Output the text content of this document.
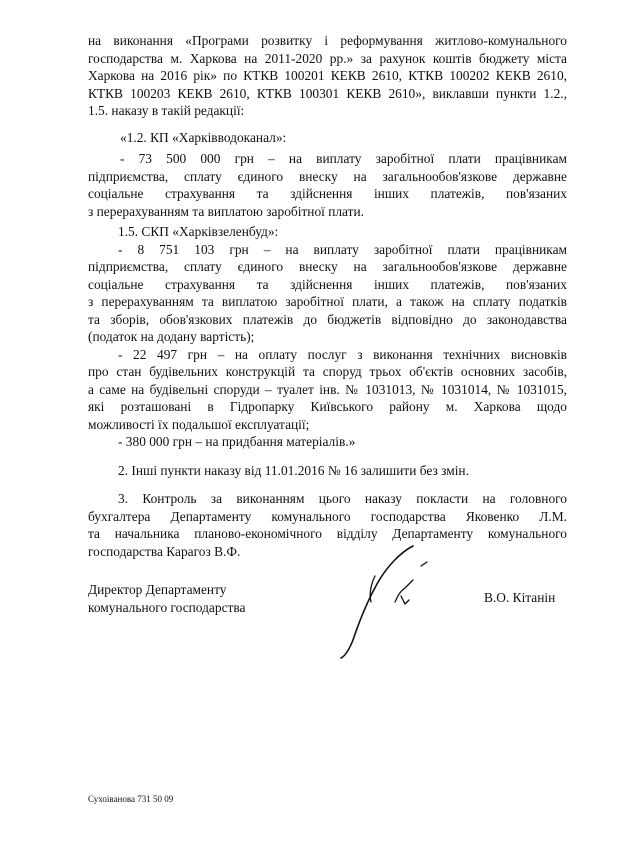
на виконання «Програми розвитку і реформування житлово-комунального
господарства м. Харкова на 2011-2020 рр.» за рахунок коштів бюджету міста
Харкова на 2016 рік» по КТКВ 100201 КЕКВ 2610, КТКВ 100202 КЕКВ 2610,
КТКВ 100203 КЕКВ 2610, КТКВ 100301 КЕКВ 2610», виклавши пункти 1.2.,
1.5. наказу в такій редакції:
«1.2. КП «Харківводоканал»:
- 73 500 000 грн – на виплату заробітної плати працівникам
підприємства, сплату єдиного внеску на загальнообов'язкове державне
соціальне страхування та здійснення інших платежів, пов'язаних
з перерахуванням та виплатою заробітної плати.
1.5. СКП «Харківзеленбуд»:
- 8 751 103 грн – на виплату заробітної плати працівникам
підприємства, сплату єдиного внеску на загальнообов'язкове державне
соціальне страхування та здійснення інших платежів, пов'язаних
з перерахуванням та виплатою заробітної плати, а також на сплату податків
та зборів, обов'язкових платежів до бюджетів відповідно до законодавства
(податок на додану вартість);
- 22 497 грн – на оплату послуг з виконання технічних висновків
про стан будівельних конструкцій та споруд трьох об'єктів основних засобів,
а саме на будівельні споруди – туалет інв. № 1031013, № 1031014, № 1031015,
які розташовані в Гідропарку Київського району м. Харкова щодо
можливості їх подальшої експлуатації;
- 380 000 грн – на придбання матеріалів.»
2. Інші пункти наказу від 11.01.2016 № 16 залишити без змін.
3. Контроль за виконанням цього наказу покласти на головного
бухгалтера Департаменту комунального господарства Яковенко Л.М.
та начальника планово-економічного відділу Департаменту комунального
господарства Карагоз В.Ф.
Директор Департаменту
комунального господарства
В.О. Кітанін
Сухоіванова 731 50 09
